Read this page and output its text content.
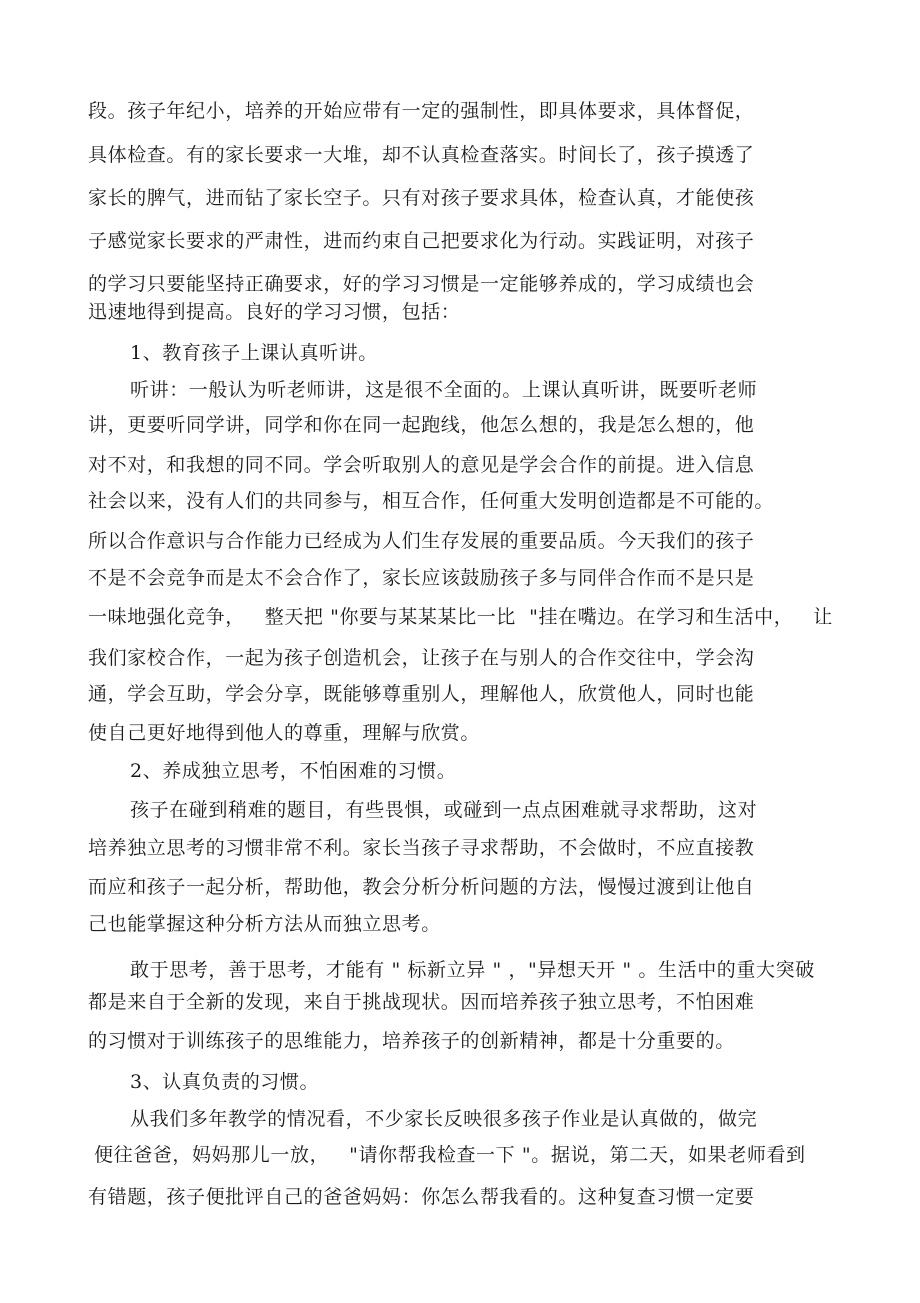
段。孩子年纪小，培养的开始应带有一定的强制性，即具体要求，具体督促，
具体检查。有的家长要求一大堆，却不认真检查落实。时间长了，孩子摸透了
家长的脾气，进而钻了家长空子。只有对孩子要求具体，检查认真，才能使孩
子感觉家长要求的严肃性，进而约束自己把要求化为行动。实践证明，对孩子
的学习只要能坚持正确要求，好的学习习惯是一定能够养成的，学习成绩也会
迅速地得到提高。良好的学习习惯，包括：
1、教育孩子上课认真听讲。
听讲：一般认为听老师讲，这是很不全面的。上课认真听讲，既要听老师
讲，更要听同学讲，同学和你在同一起跑线，他怎么想的，我是怎么想的，他
对不对，和我想的同不同。学会听取别人的意见是学会合作的前提。进入信息
社会以来，没有人们的共同参与，相互合作，任何重大发明创造都是不可能的。
所以合作意识与合作能力已经成为人们生存发展的重要品质。今天我们的孩子
不是不会竞争而是太不会合作了，家长应该鼓励孩子多与同伴合作而不是只是
一味地强化竞争，   整天把 "你要与某某某比一比  "挂在嘴边。在学习和生活中，   让
我们家校合作，一起为孩子创造机会，让孩子在与别人的合作交往中，学会沟
通，学会互助，学会分享，既能够尊重别人，理解他人，欣赏他人，同时也能
使自己更好地得到他人的尊重，理解与欣赏。
2、养成独立思考，不怕困难的习惯。
孩子在碰到稍难的题目，有些畏惧，或碰到一点点困难就寻求帮助，这对
培养独立思考的习惯非常不利。家长当孩子寻求帮助，不会做时，不应直接教
而应和孩子一起分析，帮助他，教会分析分析问题的方法，慢慢过渡到让他自
己也能掌握这种分析方法从而独立思考。
敢于思考，善于思考，才能有 " 标新立异 " ，"异想天开 " 。生活中的重大突破
都是来自于全新的发现，来自于挑战现状。因而培养孩子独立思考，不怕困难
的习惯对于训练孩子的思维能力，培养孩子的创新精神，都是十分重要的。
3、认真负责的习惯。
从我们多年教学的情况看，不少家长反映很多孩子作业是认真做的，做完
便往爸爸，妈妈那儿一放，   "请你帮我检查一下 "。据说，第二天，如果老师看到
有错题，孩子便批评自己的爸爸妈妈：你怎么帮我看的。这种复查习惯一定要
